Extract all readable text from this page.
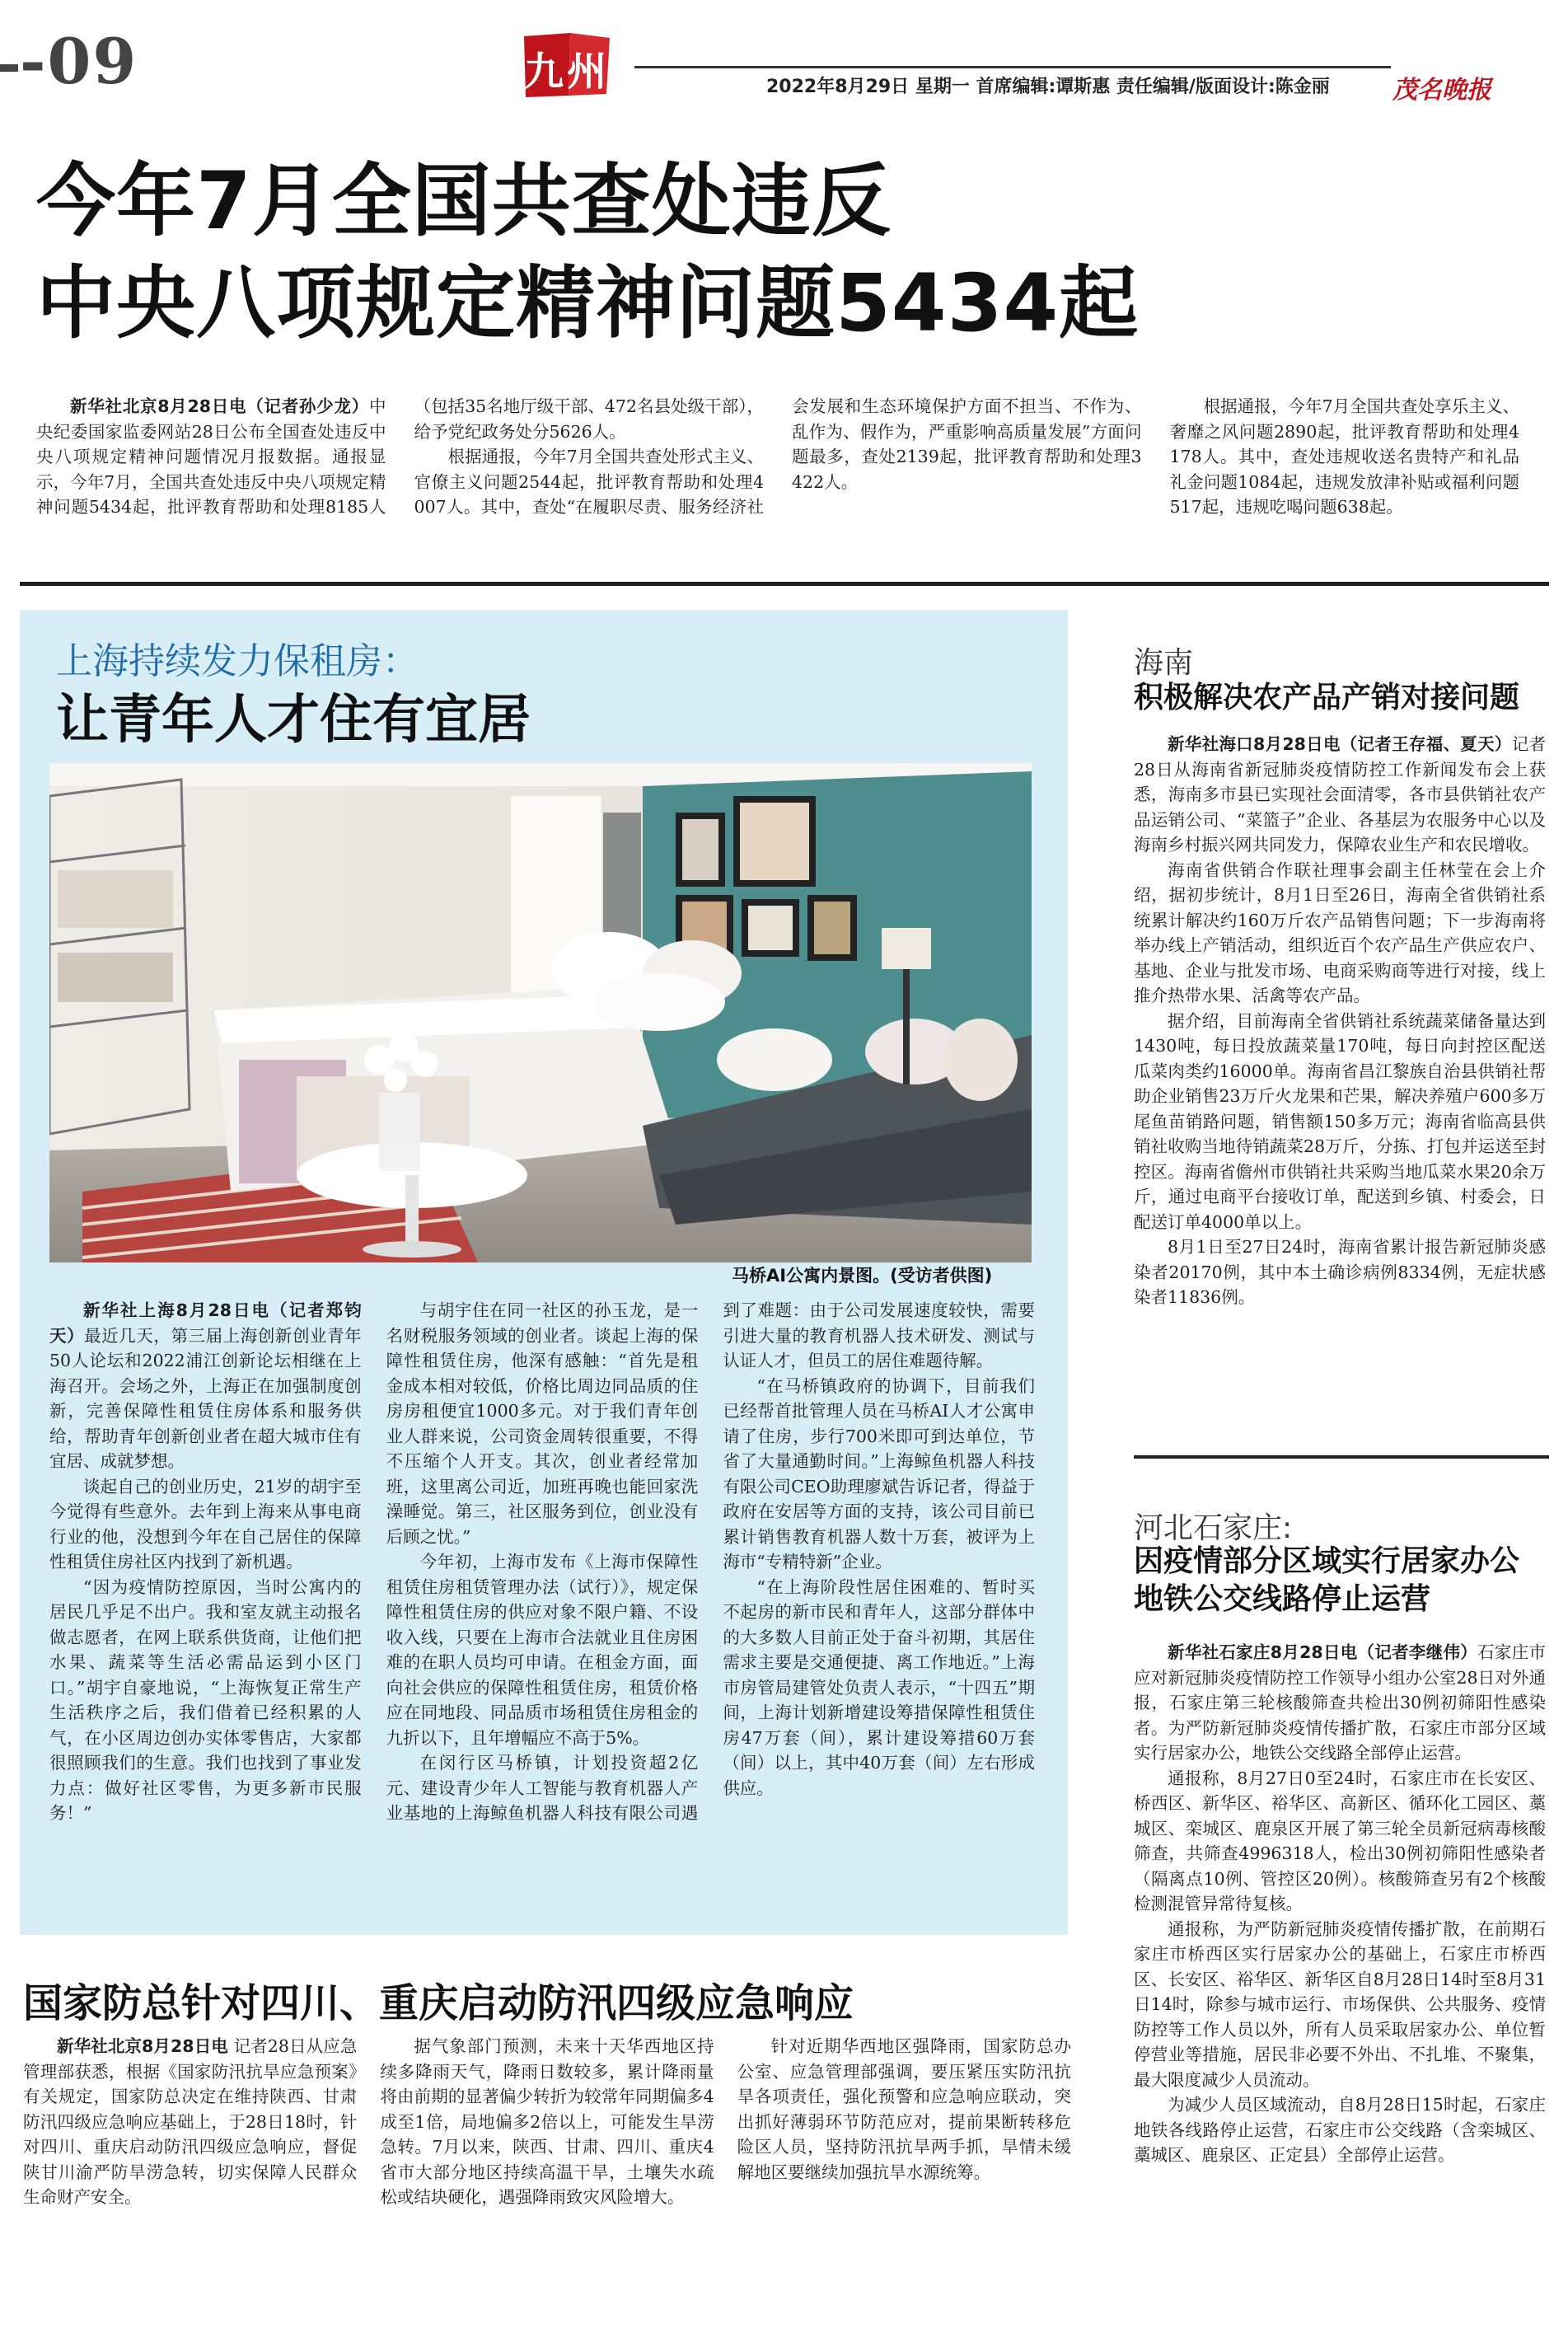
-09	九州	2022年8月29日 星期一 首席编辑:谭斯惠 责任编辑/版面设计:陈金丽	茂名晚报
今年7月全国共查处违反
中央八项规定精神问题5434起

新华社北京8月28日电（记者孙少龙）中央纪委国家监委网站28日公布全国查处违反中央八项规定精神问题情况月报数据。通报显示，今年7月，全国共查处违反中央八项规定精神问题5434起，批评教育帮助和处理8185人（包括35名地厅级干部、472名县处级干部），给予党纪政务处分5626人。

根据通报，今年7月全国共查处形式主义、官僚主义问题2544起，批评教育帮助和处理4007人。其中，查处“在履职尽责、服务经济社会发展和生态环境保护方面不担当、不作为、乱作为、假作为，严重影响高质量发展”方面问题最多，查处2139起，批评教育帮助和处理3422人。

根据通报，今年7月全国共查处享乐主义、奢靡之风问题2890起，批评教育帮助和处理4178人。其中，查处违规收送名贵特产和礼品礼金问题1084起，违规发放津补贴或福利问题517起，违规吃喝问题638起。

上海持续发力保租房：
让青年人才住有宜居
马桥AI公寓内景图。(受访者供图)

新华社上海8月28日电（记者郑钧天）最近几天，第三届上海创新创业青年50人论坛和2022浦江创新论坛相继在上海召开。会场之外，上海正在加强制度创新，完善保障性租赁住房体系和服务供给，帮助青年创新创业者在超大城市住有宜居、成就梦想。

谈起自己的创业历史，21岁的胡宇至今觉得有些意外。去年到上海来从事电商行业的他，没想到今年在自己居住的保障性租赁住房社区内找到了新机遇。

“因为疫情防控原因，当时公寓内的居民几乎足不出户。我和室友就主动报名做志愿者，在网上联系供货商，让他们把水果、蔬菜等生活必需品运到小区门口。”胡宇自豪地说，“上海恢复正常生产生活秩序之后，我们借着已经积累的人气，在小区周边创办实体零售店，大家都很照顾我们的生意。我们也找到了事业发力点：做好社区零售，为更多新市民服务！”

与胡宇住在同一社区的孙玉龙，是一名财税服务领域的创业者。谈起上海的保障性租赁住房，他深有感触：“首先是租金成本相对较低，价格比周边同品质的住房房租便宜1000多元。对于我们青年创业人群来说，公司资金周转很重要，不得不压缩个人开支。其次，创业者经常加班，这里离公司近，加班再晚也能回家洗澡睡觉。第三，社区服务到位，创业没有后顾之忧。”

今年初，上海市发布《上海市保障性租赁住房租赁管理办法（试行）》，规定保障性租赁住房的供应对象不限户籍、不设收入线，只要在上海市合法就业且住房困难的在职人员均可申请。在租金方面，面向社会供应的保障性租赁住房，租赁价格应在同地段、同品质市场租赁住房租金的九折以下，且年增幅应不高于5%。

在闵行区马桥镇，计划投资超2亿元、建设青少年人工智能与教育机器人产业基地的上海鲸鱼机器人科技有限公司遇到了难题：由于公司发展速度较快，需要引进大量的教育机器人技术研发、测试与认证人才，但员工的居住难题待解。

“在马桥镇政府的协调下，目前我们已经帮首批管理人员在马桥AI人才公寓申请了住房，步行700米即可到达单位，节省了大量通勤时间。”上海鲸鱼机器人科技有限公司CEO助理廖斌告诉记者，得益于政府在安居等方面的支持，该公司目前已累计销售教育机器人数十万套，被评为上海市“专精特新”企业。

“在上海阶段性居住困难的、暂时买不起房的新市民和青年人，这部分群体中的大多数人目前正处于奋斗初期，其居住需求主要是交通便捷、离工作地近。”上海市房管局建管处负责人表示，“十四五”期间，上海计划新增建设筹措保障性租赁住房47万套（间），累计建设筹措60万套（间）以上，其中40万套（间）左右形成供应。

海南
积极解决农产品产销对接问题

新华社海口8月28日电（记者王存福、夏天）记者28日从海南省新冠肺炎疫情防控工作新闻发布会上获悉，海南多市县已实现社会面清零，各市县供销社农产品运销公司、“菜篮子”企业、各基层为农服务中心以及海南乡村振兴网共同发力，保障农业生产和农民增收。

海南省供销合作联社理事会副主任林莹在会上介绍，据初步统计，8月1日至26日，海南全省供销社系统累计解决约160万斤农产品销售问题；下一步海南将举办线上产销活动，组织近百个农产品生产供应农户、基地、企业与批发市场、电商采购商等进行对接，线上推介热带水果、活禽等农产品。

据介绍，目前海南全省供销社系统蔬菜储备量达到1430吨，每日投放蔬菜量170吨，每日向封控区配送瓜菜肉类约16000单。海南省昌江黎族自治县供销社帮助企业销售23万斤火龙果和芒果，解决养殖户600多万尾鱼苗销路问题，销售额150多万元；海南省临高县供销社收购当地待销蔬菜28万斤，分拣、打包并运送至封控区。海南省儋州市供销社共采购当地瓜菜水果20余万斤，通过电商平台接收订单，配送到乡镇、村委会，日配送订单4000单以上。

8月1日至27日24时，海南省累计报告新冠肺炎感染者20170例，其中本土确诊病例8334例，无症状感染者11836例。

河北石家庄:
因疫情部分区域实行居家办公地铁公交线路停止运营

新华社石家庄8月28日电（记者李继伟）石家庄市应对新冠肺炎疫情防控工作领导小组办公室28日对外通报，石家庄第三轮核酸筛查共检出30例初筛阳性感染者。为严防新冠肺炎疫情传播扩散，石家庄市部分区域实行居家办公，地铁公交线路全部停止运营。

通报称，8月27日0至24时，石家庄市在长安区、桥西区、新华区、裕华区、高新区、循环化工园区、藁城区、栾城区、鹿泉区开展了第三轮全员新冠病毒核酸筛查，共筛查4996318人，检出30例初筛阳性感染者（隔离点10例、管控区20例）。核酸筛查另有2个核酸检测混管异常待复核。

通报称，为严防新冠肺炎疫情传播扩散，在前期石家庄市桥西区实行居家办公的基础上，石家庄市桥西区、长安区、裕华区、新华区自8月28日14时至8月31日14时，除参与城市运行、市场保供、公共服务、疫情防控等工作人员以外，所有人员采取居家办公、单位暂停营业等措施，居民非必要不外出、不扎堆、不聚集，最大限度减少人员流动。

为减少人员区域流动，自8月28日15时起，石家庄地铁各线路停止运营，石家庄市公交线路（含栾城区、藁城区、鹿泉区、正定县）全部停止运营。

国家防总针对四川、重庆启动防汛四级应急响应

新华社北京8月28日电 记者28日从应急管理部获悉，根据《国家防汛抗旱应急预案》有关规定，国家防总决定在维持陕西、甘肃防汛四级应急响应基础上，于28日18时，针对四川、重庆启动防汛四级应急响应，督促陕甘川渝严防旱涝急转，切实保障人民群众生命财产安全。

据气象部门预测，未来十天华西地区持续多降雨天气，降雨日数较多，累计降雨量将由前期的显著偏少转折为较常年同期偏多4成至1倍，局地偏多2倍以上，可能发生旱涝急转。7月以来，陕西、甘肃、四川、重庆4省市大部分地区持续高温干旱，土壤失水疏松或结块硬化，遇强降雨致灾风险增大。

针对近期华西地区强降雨，国家防总办公室、应急管理部强调，要压紧压实防汛抗旱各项责任，强化预警和应急响应联动，突出抓好薄弱环节防范应对，提前果断转移危险区人员，坚持防汛抗旱两手抓，旱情未缓解地区要继续加强抗旱水源统筹。
